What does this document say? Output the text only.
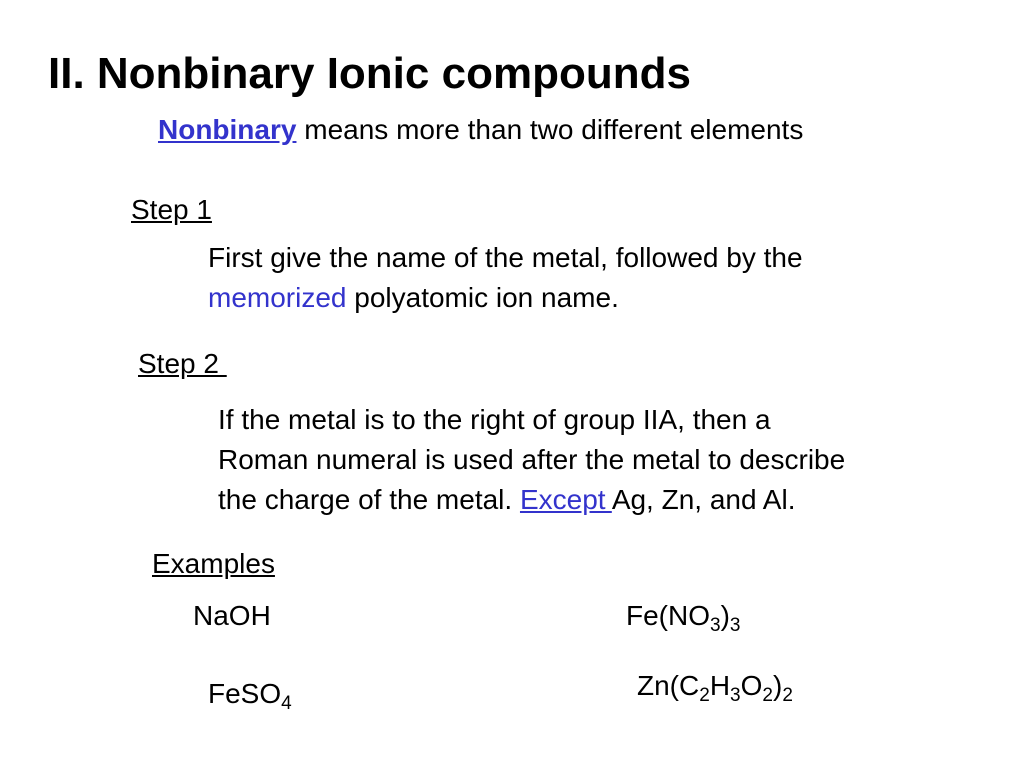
II. Nonbinary Ionic compounds
Nonbinary means more than two different elements
Step 1
First give the name of the metal, followed by the
memorized polyatomic ion name.
Step 2
If the metal is to the right of group IIA, then a
Roman numeral is used after the metal to describe
the charge of the metal. Except Ag, Zn, and Al.
Examples
NaOH
FeSO$_4$
$Fe(NO_3)_3$
$Zn(C_2H_3O_2)_2$
